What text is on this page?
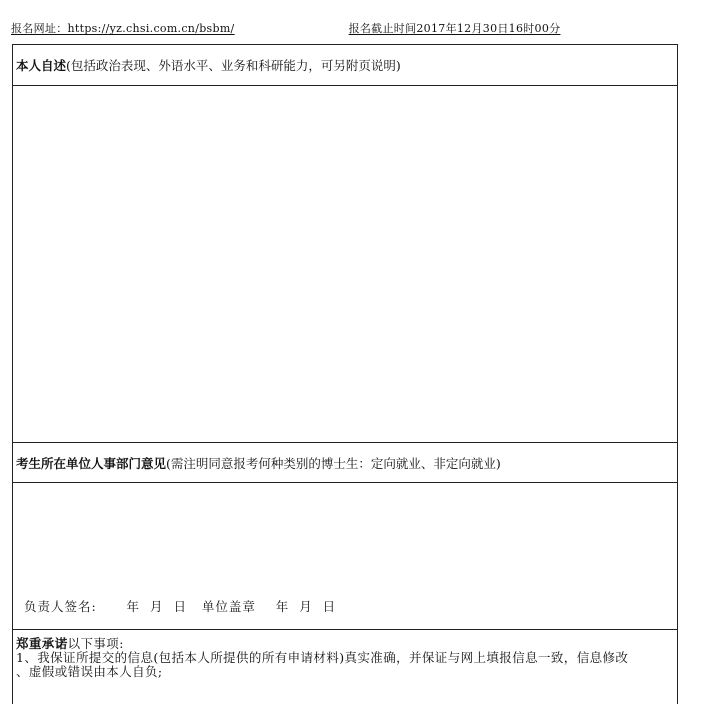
报名网址：https://yz.chsi.com.cn/bsbm/	报名截止时间2017年12月30日16时00分
本人自述 (包括政治表现、外语水平、业务和科研能力，可另附页说明)
考生所在单位人事部门意见 (需注明同意报考何种类别的博士生：定向就业、非定向就业)
负责人签名:      年  月  日   单位盖章    年  月  日
郑重承诺以下事项:
1、我保证所提交的信息(包括本人所提供的所有申请材料)真实准确，并保证与网上填报信息一致，信息修改
、虚假或错误由本人自负;
